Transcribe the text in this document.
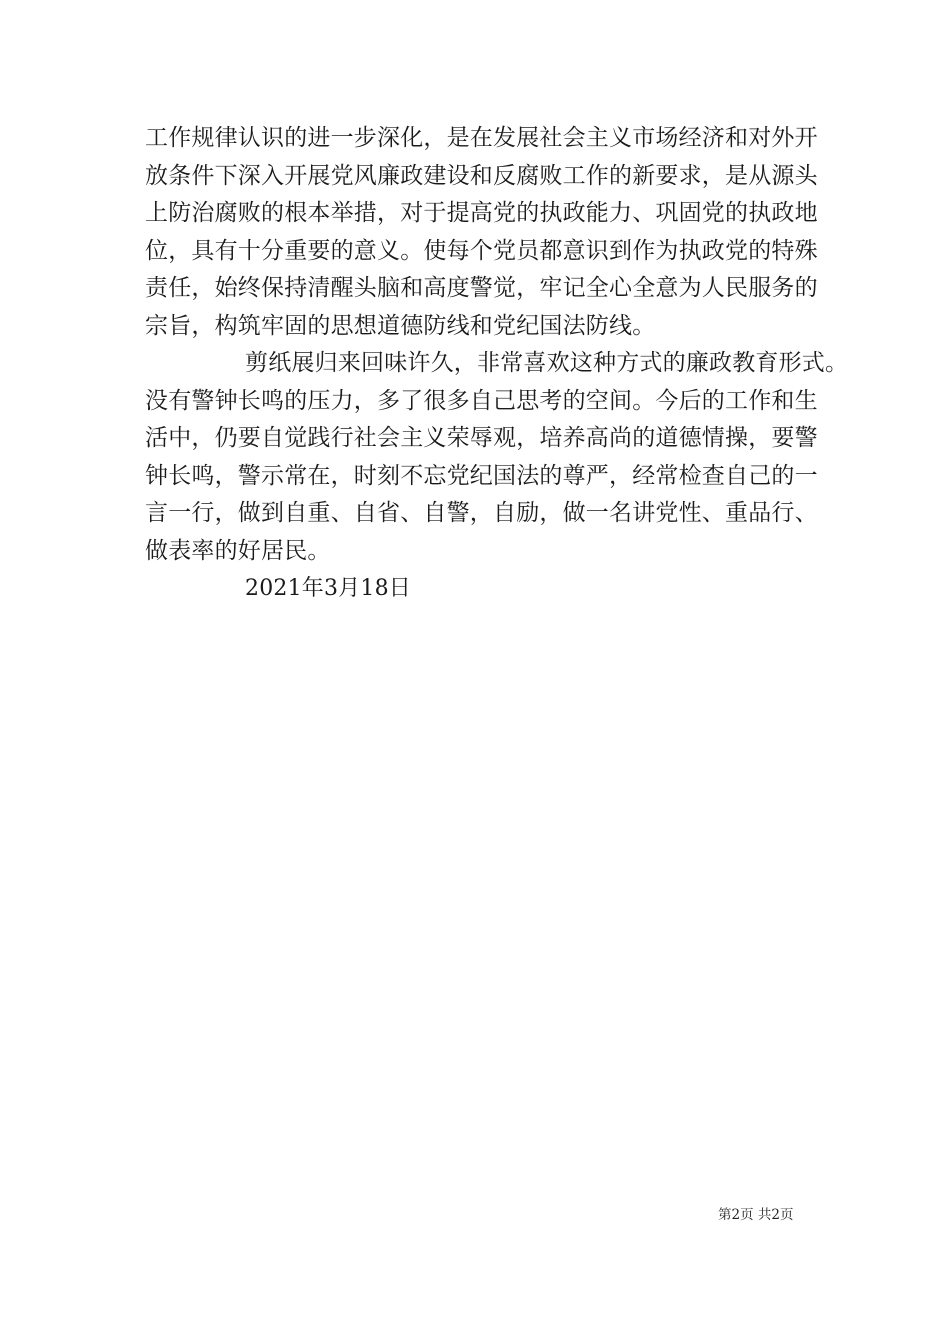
工作规律认识的进一步深化，是在发展社会主义市场经济和对外开
放条件下深入开展党风廉政建设和反腐败工作的新要求，是从源头
上防治腐败的根本举措，对于提高党的执政能力、巩固党的执政地
位，具有十分重要的意义。使每个党员都意识到作为执政党的特殊
责任，始终保持清醒头脑和高度警觉，牢记全心全意为人民服务的
宗旨，构筑牢固的思想道德防线和党纪国法防线。
剪纸展归来回味许久，非常喜欢这种方式的廉政教育形式。
没有警钟长鸣的压力，多了很多自己思考的空间。今后的工作和生
活中，仍要自觉践行社会主义荣辱观，培养高尚的道德情操，要警
钟长鸣，警示常在，时刻不忘党纪国法的尊严，经常检查自己的一
言一行，做到自重、自省、自警，自励，做一名讲党性、重品行、
做表率的好居民。
2021年3月18日
第2页 共2页
